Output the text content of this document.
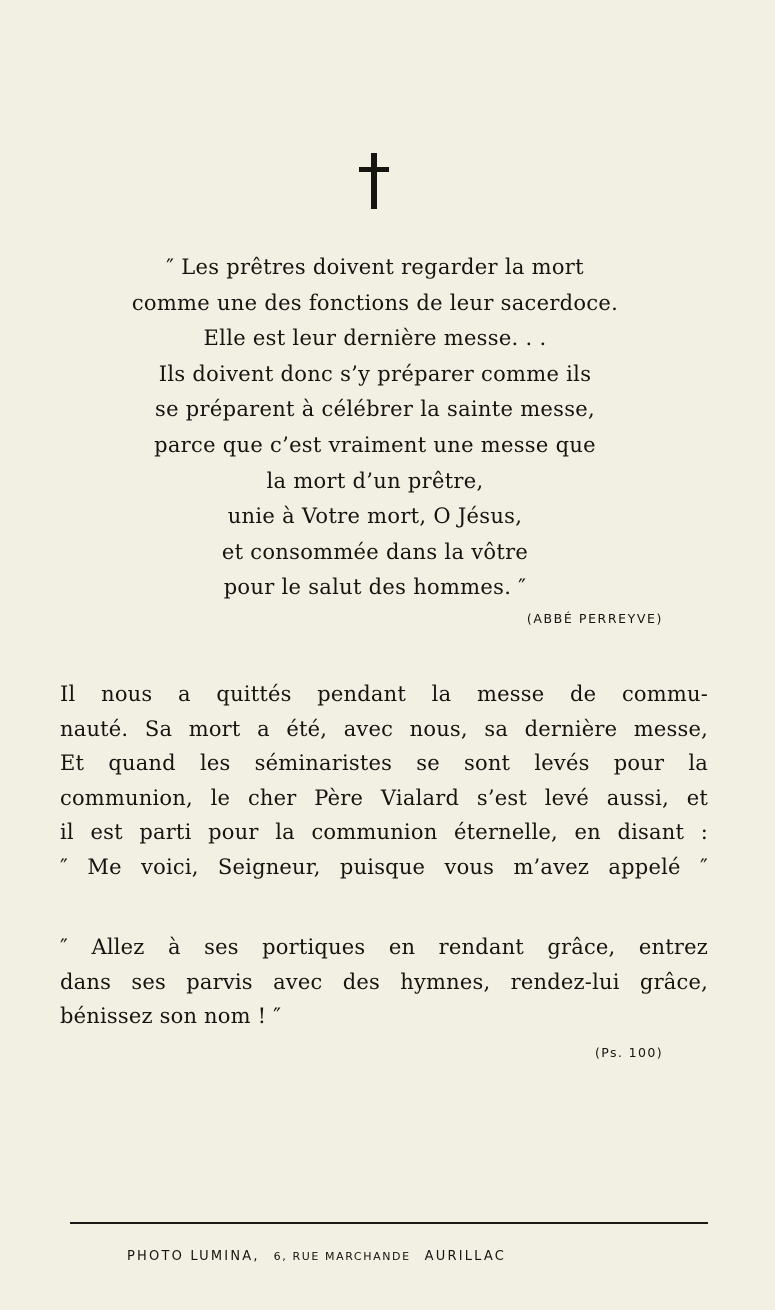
″ Les prêtres doivent regarder la mort
comme une des fonctions de leur sacerdoce.
Elle est leur dernière messe. . .
Ils doivent donc s’y préparer comme ils
se préparent à célébrer la sainte messe,
parce que c’est vraiment une messe que
la mort d’un prêtre,
unie à Votre mort, O Jésus,
et consommée dans la vôtre
pour le salut des hommes. ″

(ABBÉ PERREYVE)

Il nous a quittés pendant la messe de commu-
nauté. Sa mort a été, avec nous, sa dernière messe,
Et quand les séminaristes se sont levés pour la
communion, le cher Père Vialard s’est levé aussi, et
il est parti pour la communion éternelle, en disant :
″ Me voici, Seigneur, puisque vous m’avez appelé ″

″ Allez à ses portiques en rendant grâce, entrez
dans ses parvis avec des hymnes, rendez-lui grâce,
bénissez son nom ! ″

(Ps. 100)

PHOTO LUMINA, 6, RUE MARCHANDE AURILLAC
